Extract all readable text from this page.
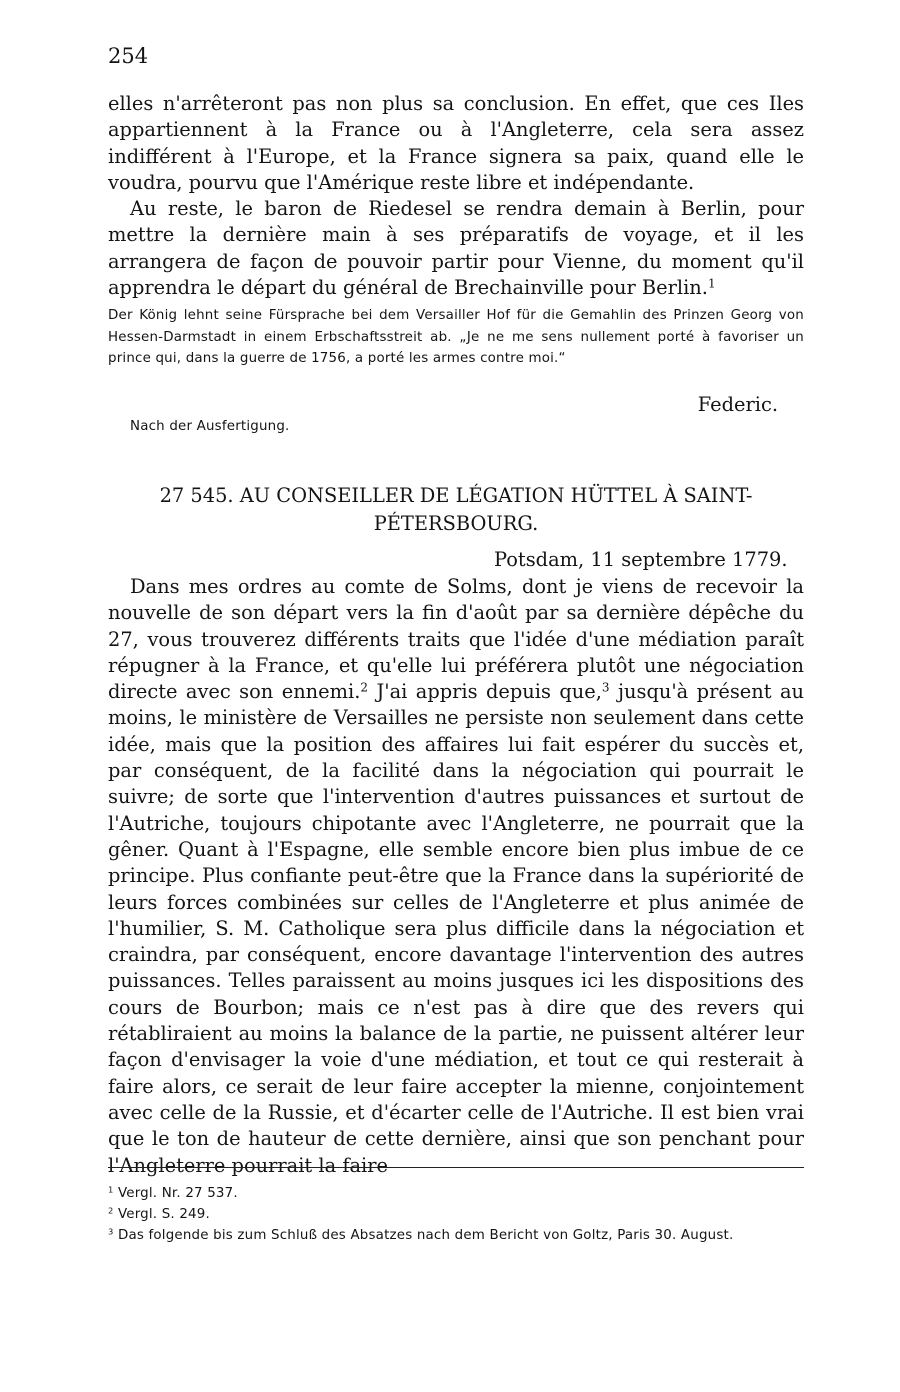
254

elles n'arrêteront pas non plus sa conclusion. En effet, que ces Iles appartiennent à la France ou à l'Angleterre, cela sera assez indifférent à l'Europe, et la France signera sa paix, quand elle le voudra, pourvu que l'Amérique reste libre et indépendante.

Au reste, le baron de Riedesel se rendra demain à Berlin, pour mettre la dernière main à ses préparatifs de voyage, et il les arrangera de façon de pouvoir partir pour Vienne, du moment qu'il apprendra le départ du général de Brechainville pour Berlin.$^1$

Der König lehnt seine Fürsprache bei dem Versailler Hof für die Gemahlin des Prinzen Georg von Hessen-Darmstadt in einem Erbschaftsstreit ab. „Je ne me sens nullement porté à favoriser un prince qui, dans la guerre de 1756, a porté les armes contre moi.“

Federic.
Nach der Ausfertigung.
27 545. AU CONSEILLER DE LÉGATION HÜTTEL À SAINT-PÉTERSBOURG.
Potsdam, 11 septembre 1779.

Dans mes ordres au comte de Solms, dont je viens de recevoir la nouvelle de son départ vers la fin d'août par sa dernière dépêche du 27, vous trouverez différents traits que l'idée d'une médiation paraît répugner à la France, et qu'elle lui préférera plutôt une négociation directe avec son ennemi.$^2$ J'ai appris depuis que,$^3$ jusqu'à présent au moins, le ministère de Versailles ne persiste non seulement dans cette idée, mais que la position des affaires lui fait espérer du succès et, par conséquent, de la facilité dans la négociation qui pourrait le suivre; de sorte que l'intervention d'autres puissances et surtout de l'Autriche, toujours chipotante avec l'Angleterre, ne pourrait que la gêner. Quant à l'Espagne, elle semble encore bien plus imbue de ce principe. Plus confiante peut-être que la France dans la supériorité de leurs forces combinées sur celles de l'Angleterre et plus animée de l'humilier, S. M. Catholique sera plus difficile dans la négociation et craindra, par conséquent, encore davantage l'intervention des autres puissances. Telles paraissent au moins jusques ici les dispositions des cours de Bourbon; mais ce n'est pas à dire que des revers qui rétabliraient au moins la balance de la partie, ne puissent altérer leur façon d'envisager la voie d'une médiation, et tout ce qui resterait à faire alors, ce serait de leur faire accepter la mienne, conjointement avec celle de la Russie, et d'écarter celle de l'Autriche. Il est bien vrai que le ton de hauteur de cette dernière, ainsi que son penchant pour l'Angleterre pourrait la faire

$^1$ Vergl. Nr. 27 537.
$^2$ Vergl. S. 249.
$^3$ Das folgende bis zum Schluß des Absatzes nach dem Bericht von Goltz, Paris 30. August.
